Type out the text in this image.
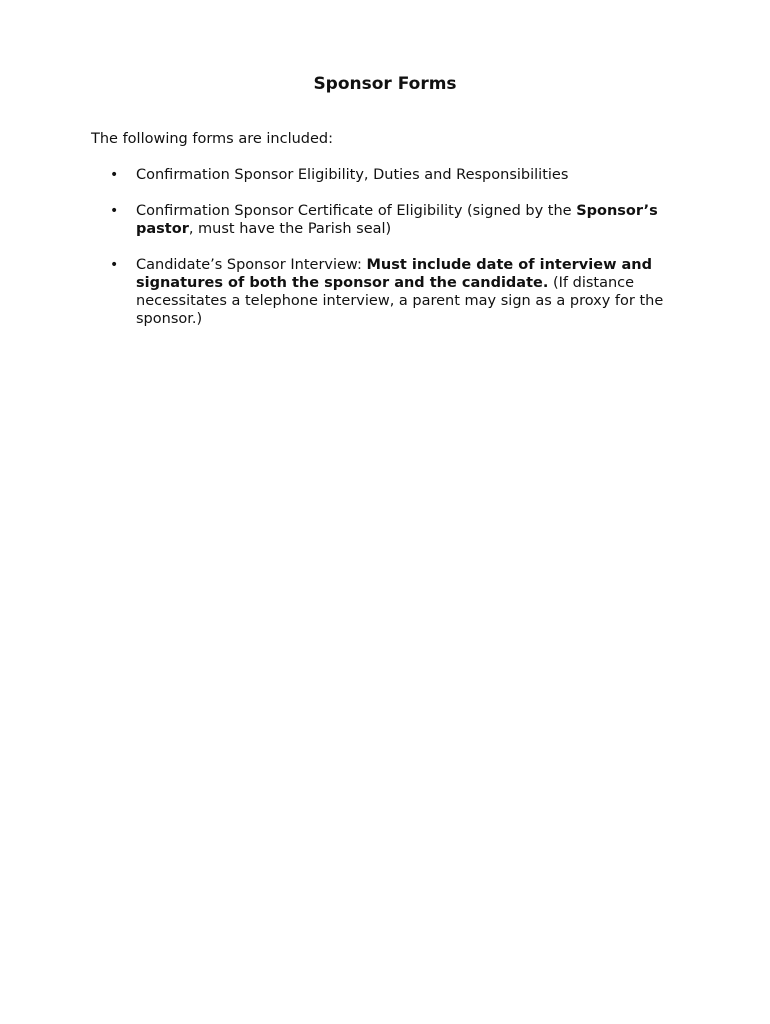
Sponsor Forms

The following forms are included:

• Confirmation Sponsor Eligibility, Duties and Responsibilities
• Confirmation Sponsor Certificate of Eligibility (signed by the Sponsor’s pastor, must have the Parish seal)
• Candidate’s Sponsor Interview: Must include date of interview and signatures of both the sponsor and the candidate. (If distance necessitates a telephone interview, a parent may sign as a proxy for the sponsor.)
